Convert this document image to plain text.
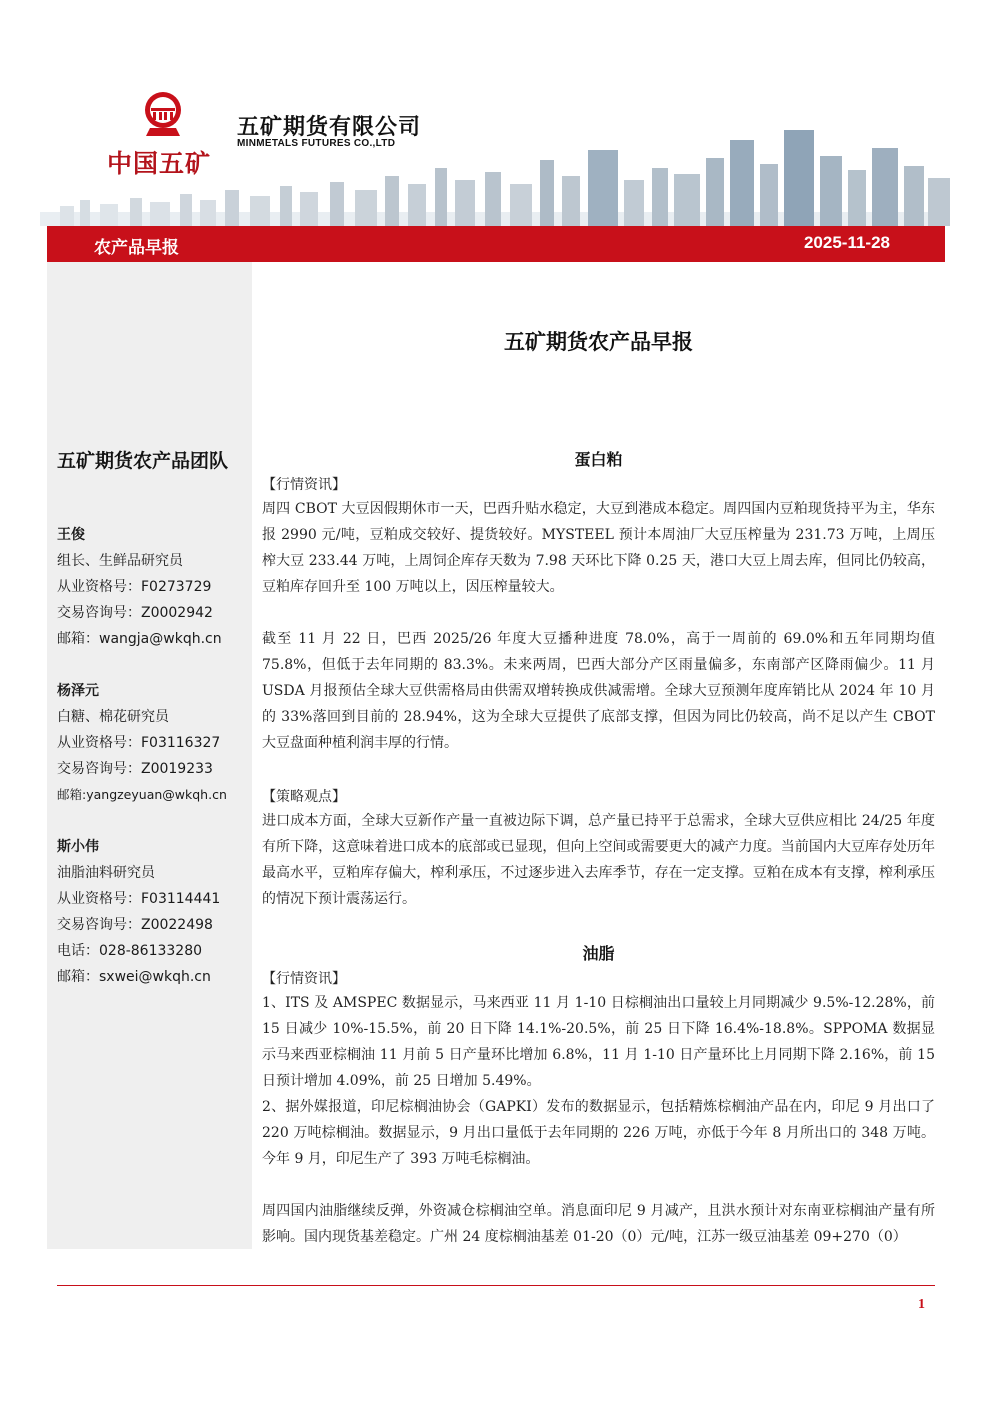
中国五矿
五矿期货有限公司
MINMETALS FUTURES CO.,LTD
农产品早报	2025-11-28
五矿期货农产品团队
王俊
组长、生鲜品研究员
从业资格号：F0273729
交易咨询号：Z0002942
邮箱：wangja@wkqh.cn
杨泽元
白糖、棉花研究员
从业资格号：F03116327
交易咨询号：Z0019233
邮箱:yangzeyuan@wkqh.cn
斯小伟
油脂油料研究员
从业资格号：F03114441
交易咨询号：Z0022498
电话：028-86133280
邮箱：sxwei@wkqh.cn
五矿期货农产品早报
蛋白粕
【行情资讯】
周四 CBOT 大豆因假期休市一天，巴西升贴水稳定，大豆到港成本稳定。周四国内豆粕现货持平为主，华东报 2990 元/吨，豆粕成交较好、提货较好。MYSTEEL 预计本周油厂大豆压榨量为 231.73 万吨，上周压榨大豆 233.44 万吨，上周饲企库存天数为 7.98 天环比下降 0.25 天，港口大豆上周去库，但同比仍较高，豆粕库存回升至 100 万吨以上，因压榨量较大。
截至 11 月 22 日，巴西 2025/26 年度大豆播种进度 78.0%，高于一周前的 69.0%和五年同期均值 75.8%，但低于去年同期的 83.3%。未来两周，巴西大部分产区雨量偏多，东南部产区降雨偏少。11 月 USDA 月报预估全球大豆供需格局由供需双增转换成供减需增。全球大豆预测年度库销比从 2024 年 10 月的 33%落回到目前的 28.94%，这为全球大豆提供了底部支撑，但因为同比仍较高，尚不足以产生 CBOT 大豆盘面种植利润丰厚的行情。
【策略观点】
进口成本方面，全球大豆新作产量一直被边际下调，总产量已持平于总需求，全球大豆供应相比 24/25 年度有所下降，这意味着进口成本的底部或已显现，但向上空间或需要更大的减产力度。当前国内大豆库存处历年最高水平，豆粕库存偏大，榨利承压，不过逐步进入去库季节，存在一定支撑。豆粕在成本有支撑，榨利承压的情况下预计震荡运行。
油脂
【行情资讯】
1、ITS 及 AMSPEC 数据显示，马来西亚 11 月 1-10 日棕榈油出口量较上月同期减少 9.5%-12.28%，前 15 日减少 10%-15.5%，前 20 日下降 14.1%-20.5%，前 25 日下降 16.4%-18.8%。SPPOMA 数据显示马来西亚棕榈油 11 月前 5 日产量环比增加 6.8%，11 月 1-10 日产量环比上月同期下降 2.16%，前 15 日预计增加 4.09%，前 25 日增加 5.49%。
2、据外媒报道，印尼棕榈油协会（GAPKI）发布的数据显示，包括精炼棕榈油产品在内，印尼 9 月出口了 220 万吨棕榈油。数据显示，9 月出口量低于去年同期的 226 万吨，亦低于今年 8 月所出口的 348 万吨。今年 9 月，印尼生产了 393 万吨毛棕榈油。
周四国内油脂继续反弹，外资减仓棕榈油空单。消息面印尼 9 月减产，且洪水预计对东南亚棕榈油产量有所影响。国内现货基差稳定。广州 24 度棕榈油基差 01-20（0）元/吨，江苏一级豆油基差 09+270（0）
1
